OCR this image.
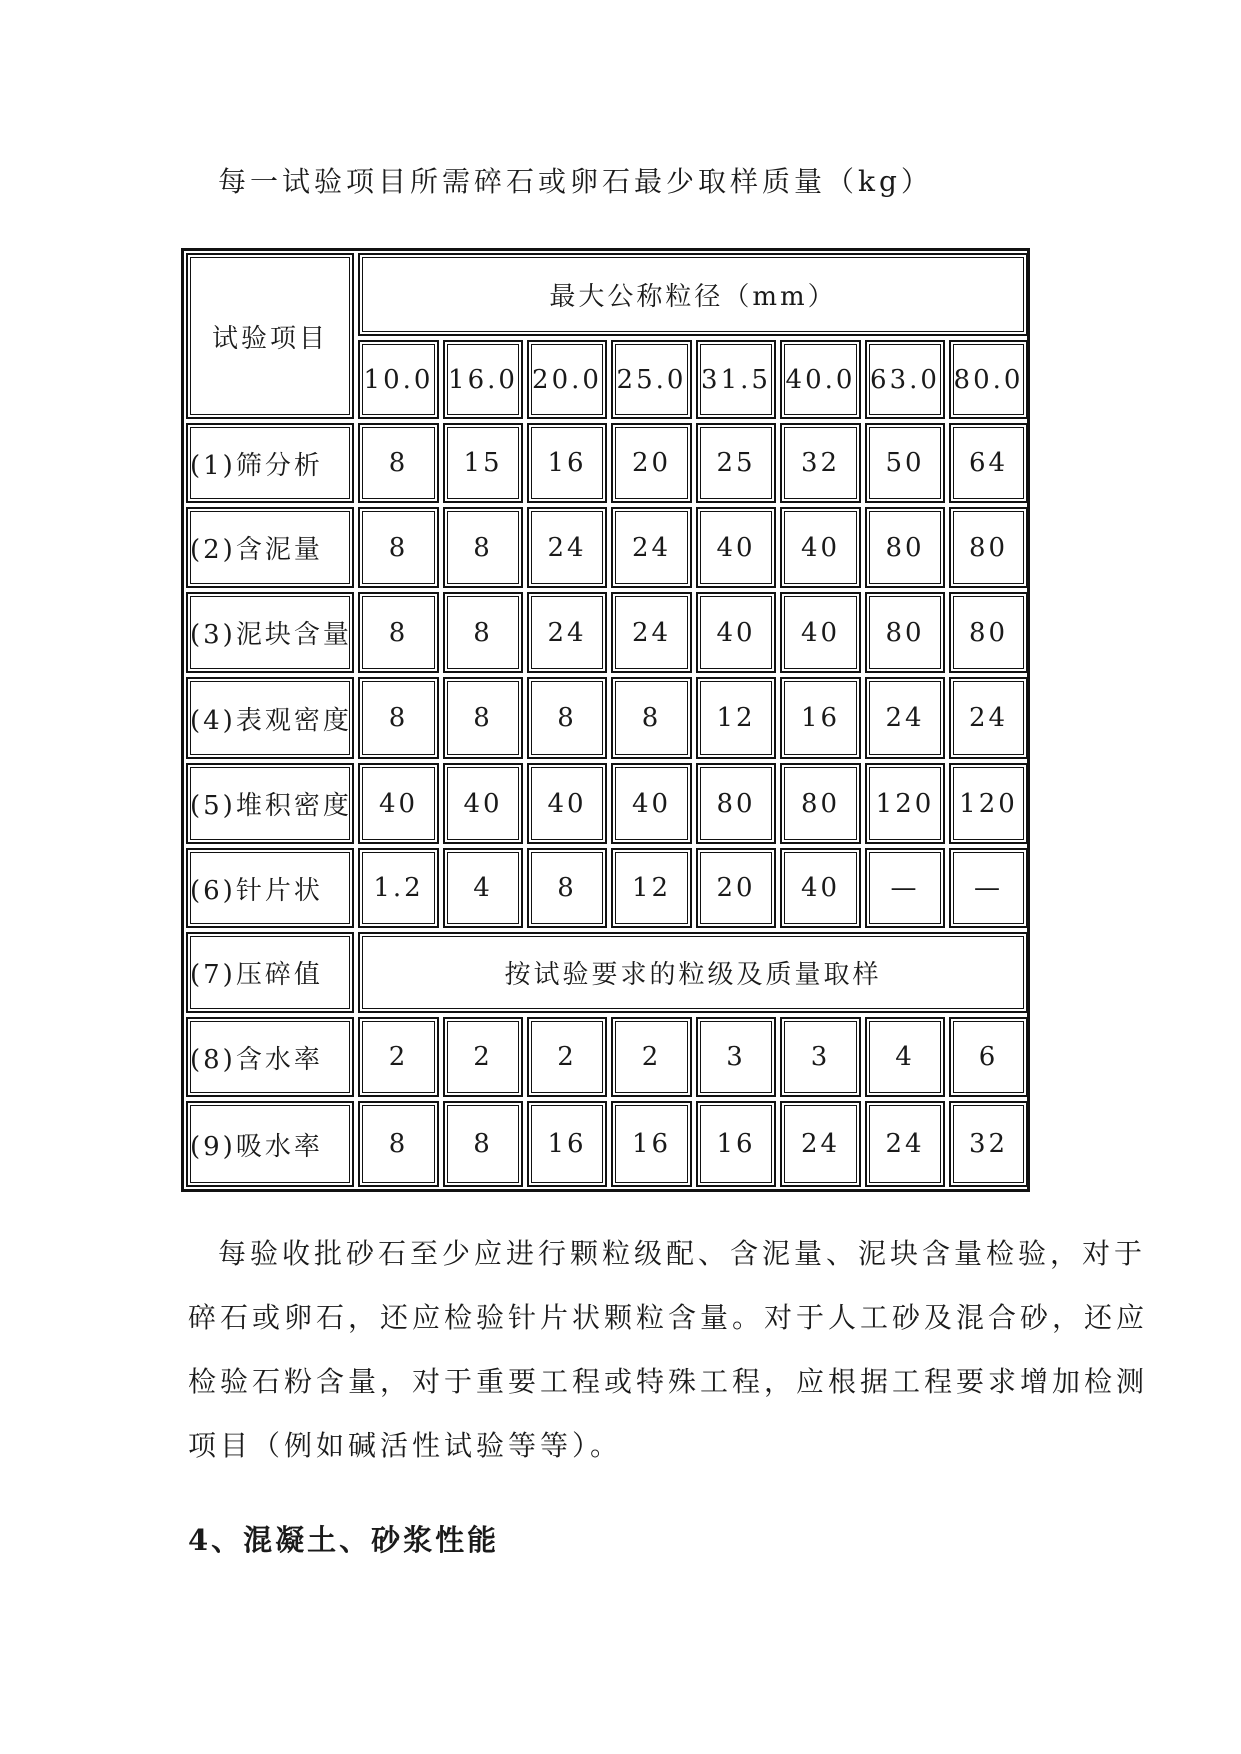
每一试验项目所需碎石或卵石最少取样质量（kg）
试验项目
最大公称粒径（mm）
10.0 16.0 20.0 25.0 31.5 40.0 63.0 80.0
(1)筛分析	8	15	16	20	25	32	50	64
(2)含泥量	8	8	24	24	40	40	80	80
(3)泥块含量	8	8	24	24	40	40	80	80
(4)表观密度	8	8	8	8	12	16	24	24
(5)堆积密度	40	40	40	40	80	80	120 120
(6)针片状	1.2	4	8	12	20	40	—	—
(7)压碎值	按试验要求的粒级及质量取样
(8)含水率	2	2	2	2	3	3	4	6
(9)吸水率	8	8	16	16	16	24	24	32
每验收批砂石至少应进行颗粒级配、含泥量、泥块含量检验，对于
碎石或卵石，还应检验针片状颗粒含量。对于人工砂及混合砂，还应
检验石粉含量，对于重要工程或特殊工程，应根据工程要求增加检测
项目（例如碱活性试验等等）。
4、混凝土、砂浆性能
